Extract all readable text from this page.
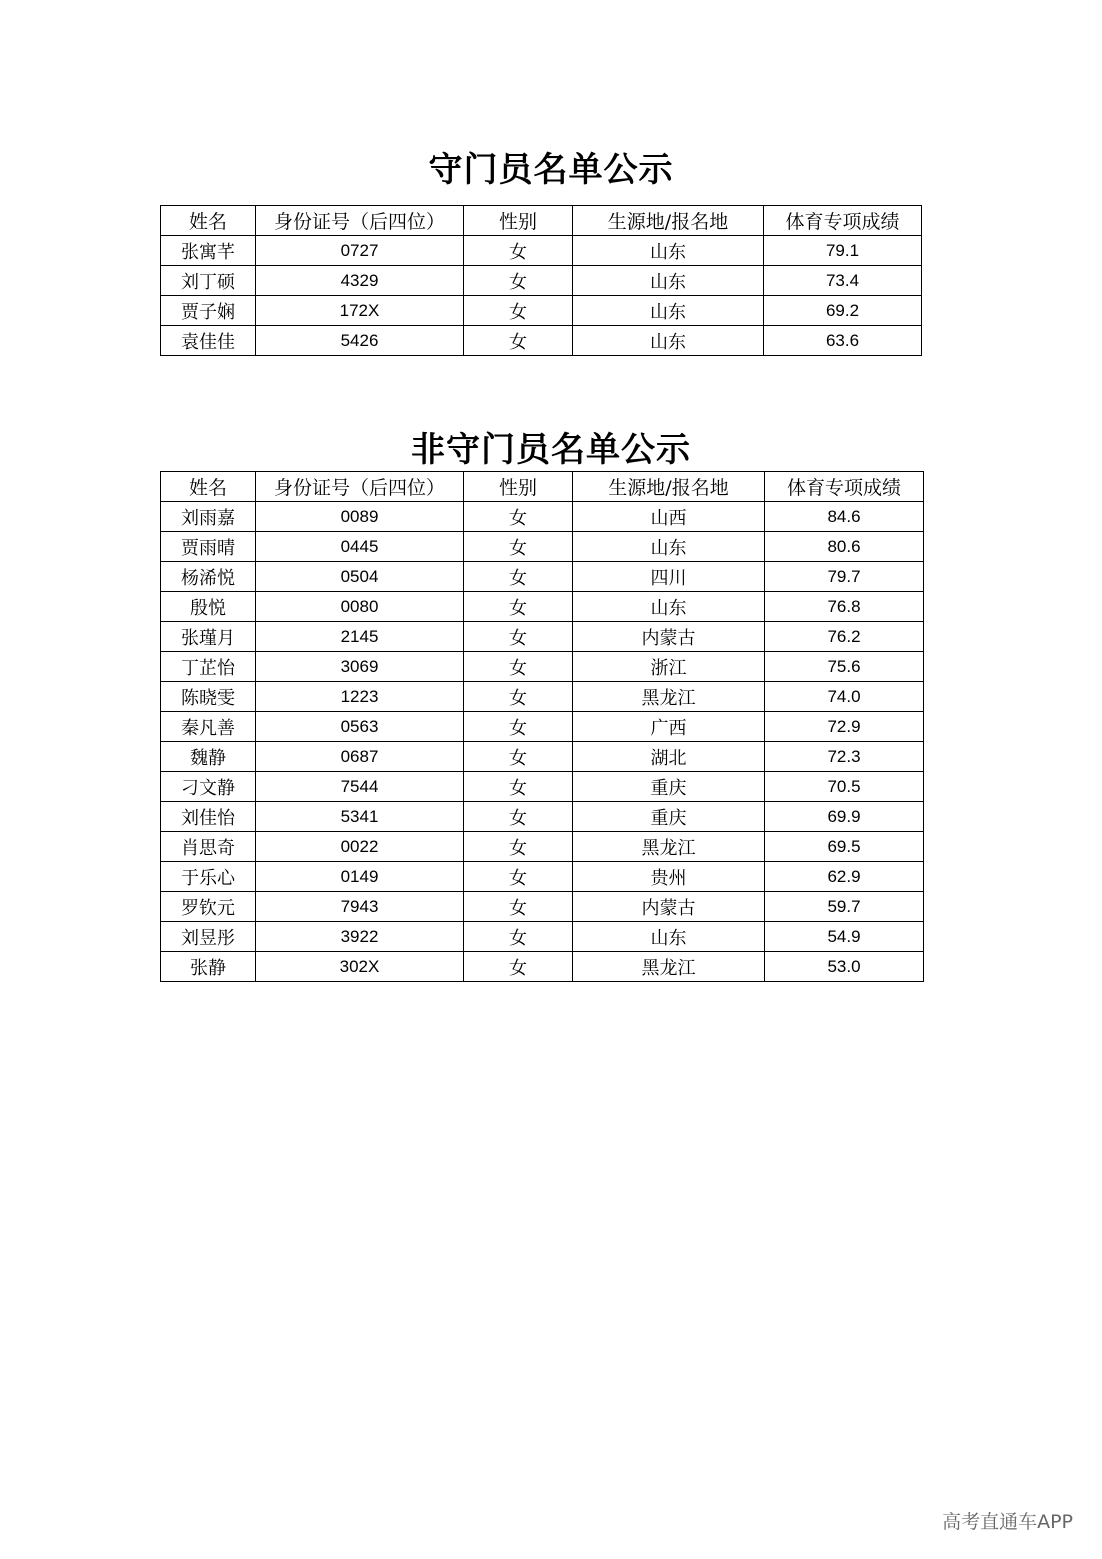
守门员名单公示
姓名	身份证号（后四位）	性别	生源地/报名地	体育专项成绩
张寓芊	0727	女	山东	79.1
刘丁硕	4329	女	山东	73.4
贾子娴	172X	女	山东	69.2
袁佳佳	5426	女	山东	63.6
非守门员名单公示
姓名	身份证号（后四位）	性别	生源地/报名地	体育专项成绩
刘雨嘉	0089	女	山西	84.6
贾雨晴	0445	女	山东	80.6
杨浠悦	0504	女	四川	79.7
殷悦	0080	女	山东	76.8
张瑾月	2145	女	内蒙古	76.2
丁芷怡	3069	女	浙江	75.6
陈晓雯	1223	女	黑龙江	74.0
秦凡善	0563	女	广西	72.9
魏静	0687	女	湖北	72.3
刁文静	7544	女	重庆	70.5
刘佳怡	5341	女	重庆	69.9
肖思奇	0022	女	黑龙江	69.5
于乐心	0149	女	贵州	62.9
罗钦元	7943	女	内蒙古	59.7
刘昱彤	3922	女	山东	54.9
张静	302X	女	黑龙江	53.0
高考直通车APP
